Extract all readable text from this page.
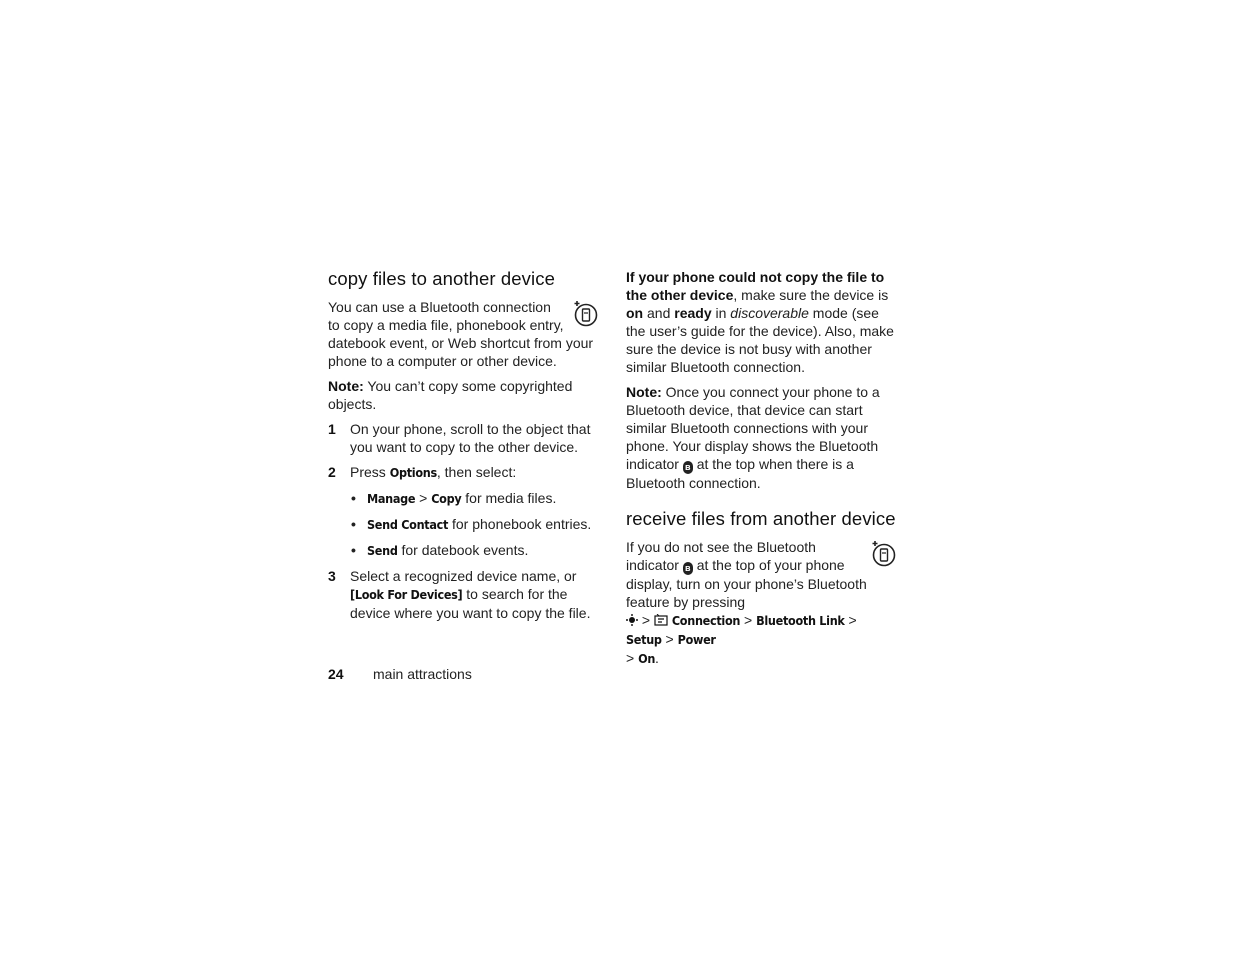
copy files to another device

You can use a Bluetooth connection to copy a media file, phonebook entry, datebook event, or Web shortcut from your phone to a computer or other device.

Note: You can’t copy some copyrighted objects.

1 On your phone, scroll to the object that you want to copy to the other device.
2 Press Options, then select:
• Manage > Copy for media files.
• Send Contact for phonebook entries.
• Send for datebook events.
3 Select a recognized device name, or [Look For Devices] to search for the device where you want to copy the file.

If your phone could not copy the file to the other device, make sure the device is on and ready in discoverable mode (see the user’s guide for the device). Also, make sure the device is not busy with another similar Bluetooth connection.

Note: Once you connect your phone to a Bluetooth device, that device can start similar Bluetooth connections with your phone. Your display shows the Bluetooth indicator ʙ at the top when there is a Bluetooth connection.

receive files from another device

If you do not see the Bluetooth indicator ʙ at the top of your phone display, turn on your phone’s Bluetooth feature by pressing
>  Connection > Bluetooth Link > Setup > Power
> On.

24 main attractions
